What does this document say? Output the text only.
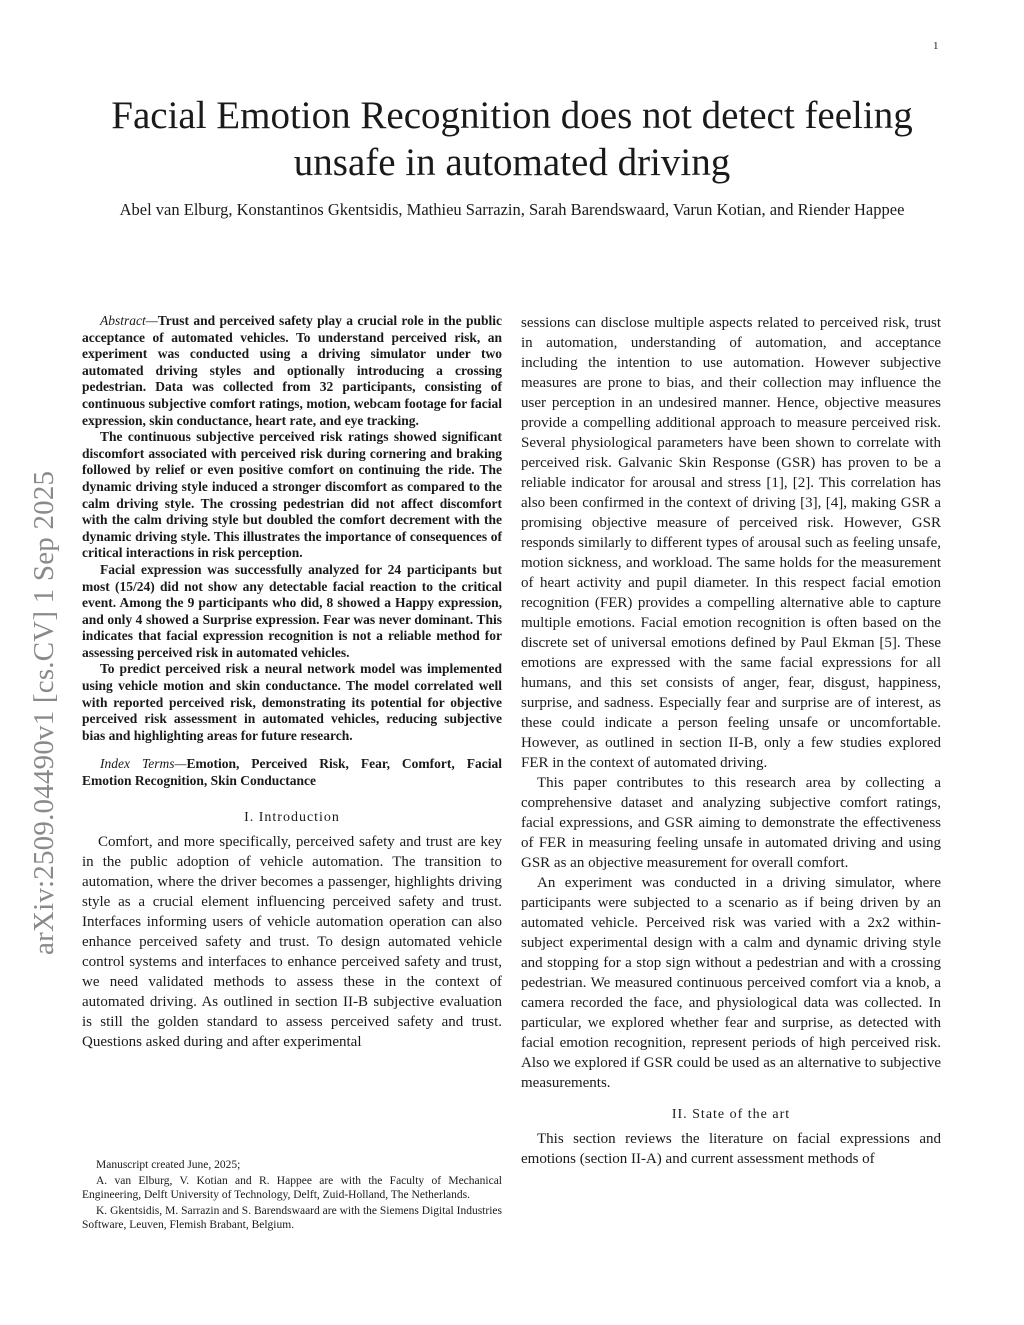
1
Facial Emotion Recognition does not detect feeling unsafe in automated driving
Abel van Elburg, Konstantinos Gkentsidis, Mathieu Sarrazin, Sarah Barendswaard, Varun Kotian, and Riender Happee
arXiv:2509.04490v1 [cs.CV] 1 Sep 2025

Abstract—Trust and perceived safety play a crucial role in the public acceptance of automated vehicles. To understand perceived risk, an experiment was conducted using a driving simulator under two automated driving styles and optionally introducing a crossing pedestrian. Data was collected from 32 participants, consisting of continuous subjective comfort ratings, motion, webcam footage for facial expression, skin conductance, heart rate, and eye tracking.

The continuous subjective perceived risk ratings showed significant discomfort associated with perceived risk during cornering and braking followed by relief or even positive comfort on continuing the ride. The dynamic driving style induced a stronger discomfort as compared to the calm driving style. The crossing pedestrian did not affect discomfort with the calm driving style but doubled the comfort decrement with the dynamic driving style. This illustrates the importance of consequences of critical interactions in risk perception.

Facial expression was successfully analyzed for 24 participants but most (15/24) did not show any detectable facial reaction to the critical event. Among the 9 participants who did, 8 showed a Happy expression, and only 4 showed a Surprise expression. Fear was never dominant. This indicates that facial expression recognition is not a reliable method for assessing perceived risk in automated vehicles.

To predict perceived risk a neural network model was implemented using vehicle motion and skin conductance. The model correlated well with reported perceived risk, demonstrating its potential for objective perceived risk assessment in automated vehicles, reducing subjective bias and highlighting areas for future research.

Index Terms—Emotion, Perceived Risk, Fear, Comfort, Facial Emotion Recognition, Skin Conductance

I. Introduction

Comfort, and more specifically, perceived safety and trust are key in the public adoption of vehicle automation. The transition to automation, where the driver becomes a passenger, highlights driving style as a crucial element influencing perceived safety and trust. Interfaces informing users of vehicle automation operation can also enhance perceived safety and trust. To design automated vehicle control systems and interfaces to enhance perceived safety and trust, we need validated methods to assess these in the context of automated driving. As outlined in section II-B subjective evaluation is still the golden standard to assess perceived safety and trust. Questions asked during and after experimental

Manuscript created June, 2025;

A. van Elburg, V. Kotian and R. Happee are with the Faculty of Mechanical Engineering, Delft University of Technology, Delft, Zuid-Holland, The Netherlands.

K. Gkentsidis, M. Sarrazin and S. Barendswaard are with the Siemens Digital Industries Software, Leuven, Flemish Brabant, Belgium.

sessions can disclose multiple aspects related to perceived risk, trust in automation, understanding of automation, and acceptance including the intention to use automation. However subjective measures are prone to bias, and their collection may influence the user perception in an undesired manner. Hence, objective measures provide a compelling additional approach to measure perceived risk. Several physiological parameters have been shown to correlate with perceived risk. Galvanic Skin Response (GSR) has proven to be a reliable indicator for arousal and stress [1], [2]. This correlation has also been confirmed in the context of driving [3], [4], making GSR a promising objective measure of perceived risk. However, GSR responds similarly to different types of arousal such as feeling unsafe, motion sickness, and workload. The same holds for the measurement of heart activity and pupil diameter. In this respect facial emotion recognition (FER) provides a compelling alternative able to capture multiple emotions. Facial emotion recognition is often based on the discrete set of universal emotions defined by Paul Ekman [5]. These emotions are expressed with the same facial expressions for all humans, and this set consists of anger, fear, disgust, happiness, surprise, and sadness. Especially fear and surprise are of interest, as these could indicate a person feeling unsafe or uncomfortable. However, as outlined in section II-B, only a few studies explored FER in the context of automated driving.

This paper contributes to this research area by collecting a comprehensive dataset and analyzing subjective comfort ratings, facial expressions, and GSR aiming to demonstrate the effectiveness of FER in measuring feeling unsafe in automated driving and using GSR as an objective measurement for overall comfort.

An experiment was conducted in a driving simulator, where participants were subjected to a scenario as if being driven by an automated vehicle. Perceived risk was varied with a 2x2 within-subject experimental design with a calm and dynamic driving style and stopping for a stop sign without a pedestrian and with a crossing pedestrian. We measured continuous perceived comfort via a knob, a camera recorded the face, and physiological data was collected. In particular, we explored whether fear and surprise, as detected with facial emotion recognition, represent periods of high perceived risk. Also we explored if GSR could be used as an alternative to subjective measurements.

II. State of the art

This section reviews the literature on facial expressions and emotions (section II-A) and current assessment methods of
